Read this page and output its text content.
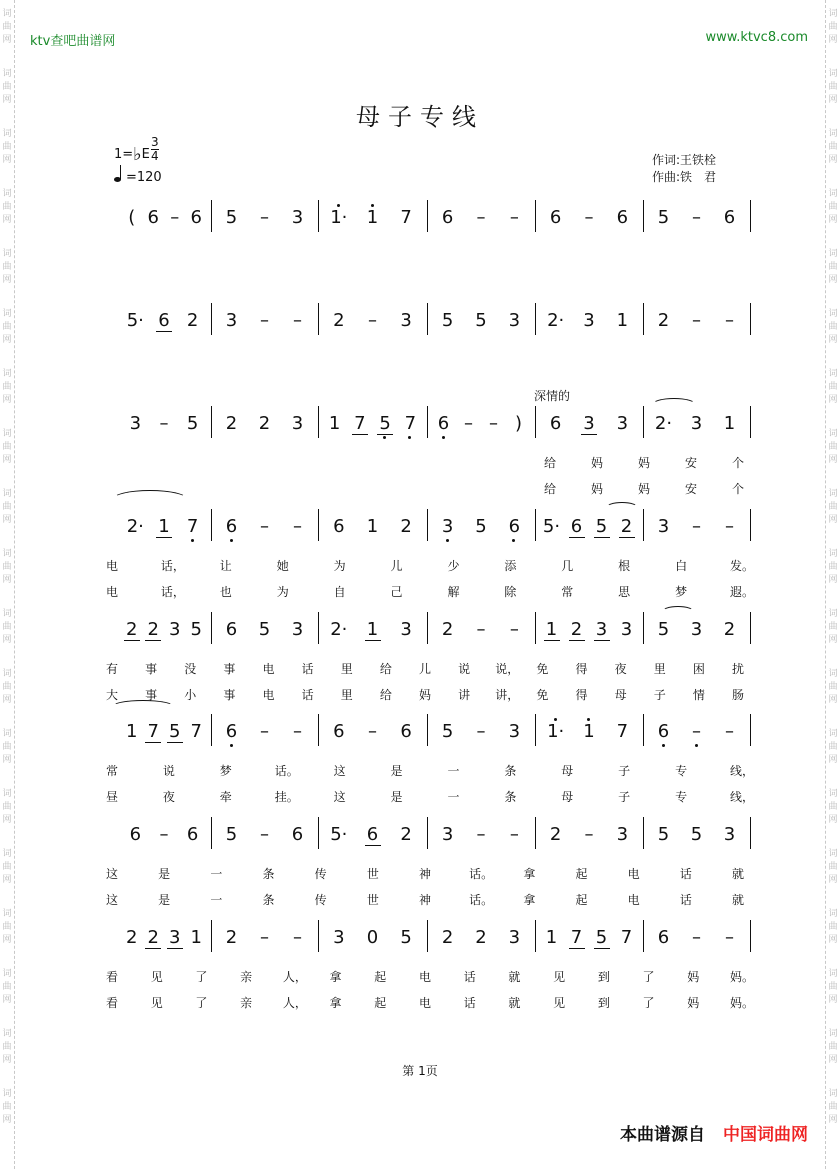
词
曲
网
词
曲
网
词
曲
网
词
曲
网
词
曲
网
词
曲
网
词
曲
网
词
曲
网
词
曲
网
词
曲
网
词
曲
网
词
曲
网
词
曲
网
词
曲
网
词
曲
网
词
曲
网
词
曲
网
词
曲
网
词
曲
网
词
曲
网
词
曲
网
词
曲
网
词
曲
网
词
曲
网
词
曲
网
词
曲
网
词
曲
网
词
曲
网
词
曲
网
词
曲
网
词
曲
网
词
曲
网
词
曲
网
词
曲
网
词
曲
网
词
曲
网
词
曲
网
词
曲
网
ktv查吧曲谱网	www.ktvc8.com
母子专线
1=♭E $\frac{3}{4}$
=120
作词:王铁栓
作曲:铁　君
深情的
( 6 – 6 5	–	3 1· 1 7 6	–	–	6	–	6 5	–	6
5· 6 2 3	–	–	2	–	3 5 5 3 2· 3 1 2	–	–
3	–	5 2 2 3 1 7 5 7 6 – – )	6 3 3 2· 3 1
给	妈	妈	安	个
给	妈	妈	安	个
2· 1 7 6	–	–	6 1 2 3 5 6 5· 6 5 2 3	–	–
电	话，	让	她	为	儿	少	添	几	根	白	发。
电	话，	也	为	自	己	解	除	常	思	梦	遐。
2 2 3 5 6 5 3 2· 1 3 2	–	–	1 2 3 3 5 3 2
有 事 没 事 电 话 里 给 儿 说 说， 免 得 夜 里 困 扰
大 事 小 事 电 话 里 给 妈 讲 讲， 免 得 母 子 情 肠
1 7 5 7 6	–	–	6	–	6 5	–	3 1· 1 7 6	–	–
常	说	梦	话。	这	是	一	条	母	子	专	线，
昼	夜	牵	挂。	这	是	一	条	母	子	专	线，
6	–	6 5	–	6 5· 6 2 3	–	–	2	–	3 5 5 3
这	是	一	条	传	世	神	话。	拿	起	电	话	就
这	是	一	条	传	世	神	话。	拿	起	电	话	就
2 2 3 1 2	–	–	3 0 5 2 2 3 1 7 5 7 6	–	–
看	见	了	亲	人， 拿	起	电	话	就	见	到	了	妈	妈。
看	见	了	亲	人， 拿	起	电	话	就	见	到	了	妈	妈。
第 1页
本曲谱源自 中国词曲网
